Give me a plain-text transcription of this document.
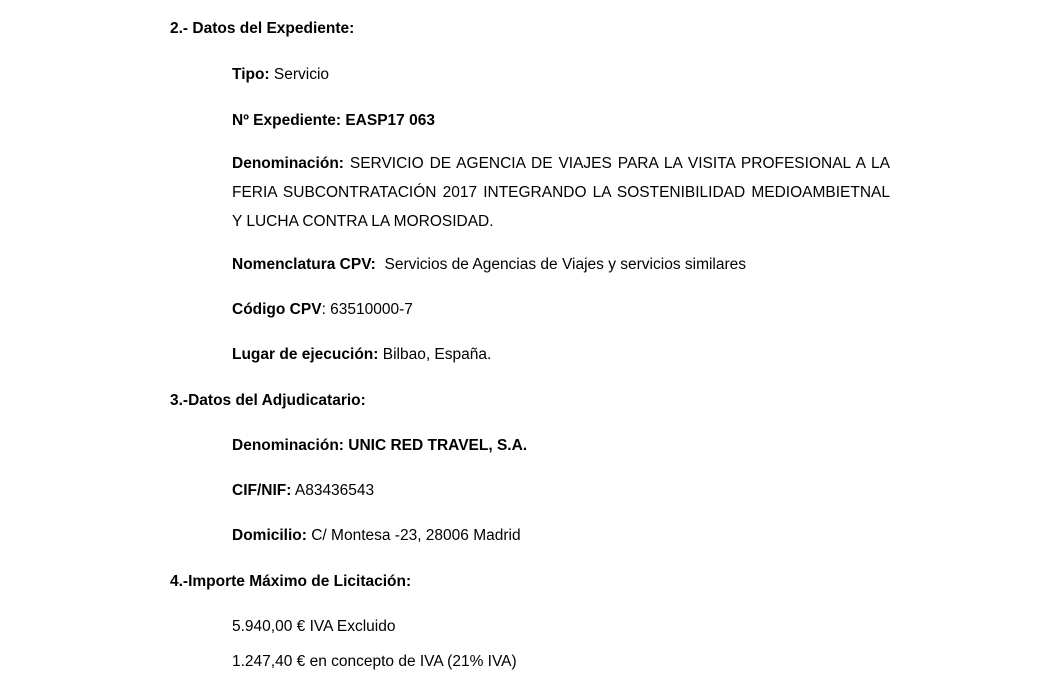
2.- Datos del Expediente:
Tipo: Servicio
Nº Expediente: EASP17 063
Denominación: SERVICIO DE AGENCIA DE VIAJES PARA LA VISITA PROFESIONAL A LA FERIA SUBCONTRATACIÓN 2017 INTEGRANDO LA SOSTENIBILIDAD MEDIOAMBIETNAL Y LUCHA CONTRA LA MOROSIDAD.
Nomenclatura CPV: Servicios de Agencias de Viajes y servicios similares
Código CPV: 63510000-7
Lugar de ejecución: Bilbao, España.
3.-Datos del Adjudicatario:
Denominación: UNIC RED TRAVEL, S.A.
CIF/NIF: A83436543
Domicilio: C/ Montesa -23, 28006 Madrid
4.-Importe Máximo de Licitación:
5.940,00 € IVA Excluido
1.247,40 € en concepto de IVA (21% IVA)
